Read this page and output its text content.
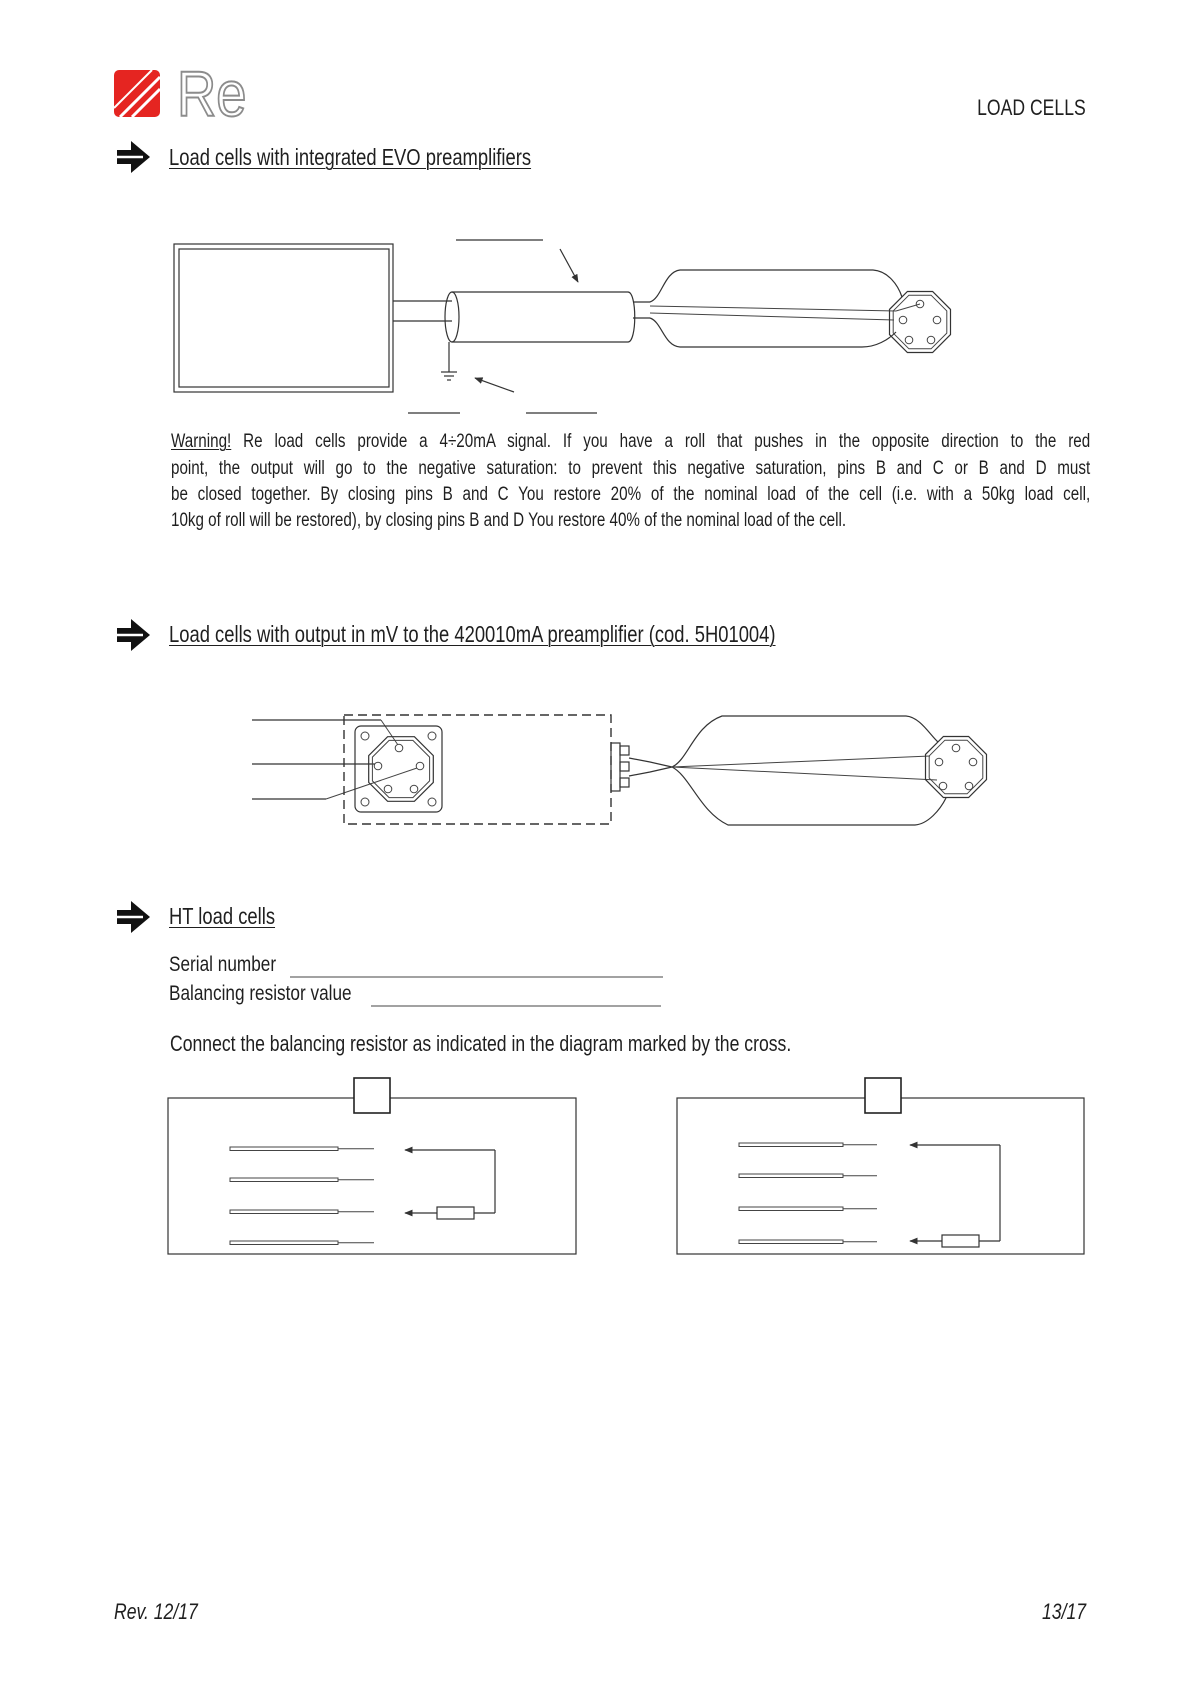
Re	LOAD CELLS
Load cells with integrated EVO preamplifiers
Warning! Re load cells provide a 4÷20mA signal. If you have a roll that pushes in the opposite direction to the red
point, the output will go to the negative saturation: to prevent this negative saturation, pins B and C or B and D must
be closed together. By closing pins B and C You restore 20% of the nominal load of the cell (i.e. with a 50kg load cell,
10kg of roll will be restored), by closing pins B and D You restore 40% of the nominal load of the cell.
Load cells with output in mV to the 420010mA preamplifier (cod. 5H01004)
HT load cells
Serial number
Balancing resistor value
Connect the balancing resistor as indicated in the diagram marked by the cross.
Rev. 12/17	13/17
